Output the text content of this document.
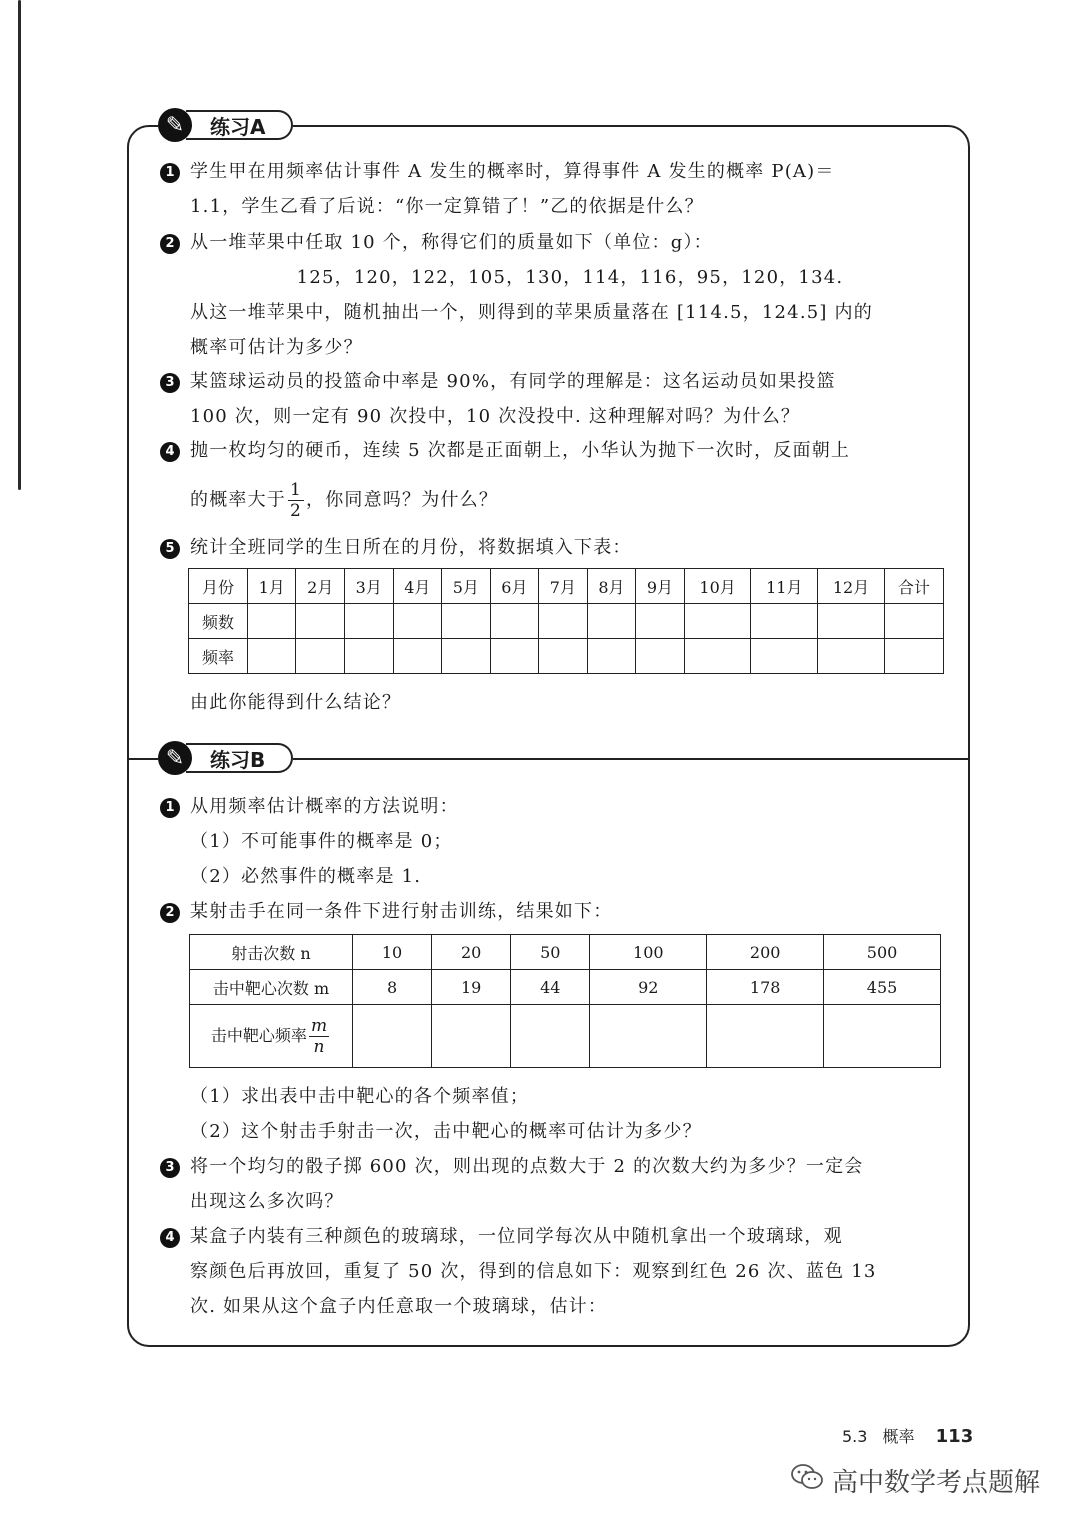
✎	练习A
1 学生甲在用频率估计事件 A 发生的概率时，算得事件 A 发生的概率 P(A)＝
1.1，学生乙看了后说：“你一定算错了！”乙的依据是什么？
2 从一堆苹果中任取 10 个，称得它们的质量如下（单位：g）：
125，120，122，105，130，114，116，95，120，134.
从这一堆苹果中，随机抽出一个，则得到的苹果质量落在 [114.5，124.5] 内的
概率可估计为多少？
3 某篮球运动员的投篮命中率是 90%，有同学的理解是：这名运动员如果投篮
100 次，则一定有 90 次投中，10 次没投中. 这种理解对吗？为什么？
4 抛一枚均匀的硬币，连续 5 次都是正面朝上，小华认为抛下一次时，反面朝上
的概率大于 $\frac{1}{2}$ ，你同意吗？为什么？
5 统计全班同学的生日所在的月份，将数据填入下表：
月份	1月	2月	3月	4月	5月	6月	7月	8月	9月	10月	11月	12月	合计
频数													
频率													
由此你能得到什么结论？
✎	练习B
1 从用频率估计概率的方法说明：
（1）不可能事件的概率是 0；
（2）必然事件的概率是 1.
2 某射击手在同一条件下进行射击训练，结果如下：
射击次数 n	10	20	50	100	200	500
击中靶心次数 m	8	19	44	92	178	455
击中靶心频率 $\frac{m}{n}$

（1）求出表中击中靶心的各个频率值；
（2）这个射击手射击一次，击中靶心的概率可估计为多少？
3 将一个均匀的骰子掷 600 次，则出现的点数大于 2 的次数大约为多少？一定会
出现这么多次吗？
4 某盒子内装有三种颜色的玻璃球，一位同学每次从中随机拿出一个玻璃球，观
察颜色后再放回，重复了 50 次，得到的信息如下：观察到红色 26 次、蓝色 13
次. 如果从这个盒子内任意取一个玻璃球，估计：
5.3 概率 113
高中数学考点题解
